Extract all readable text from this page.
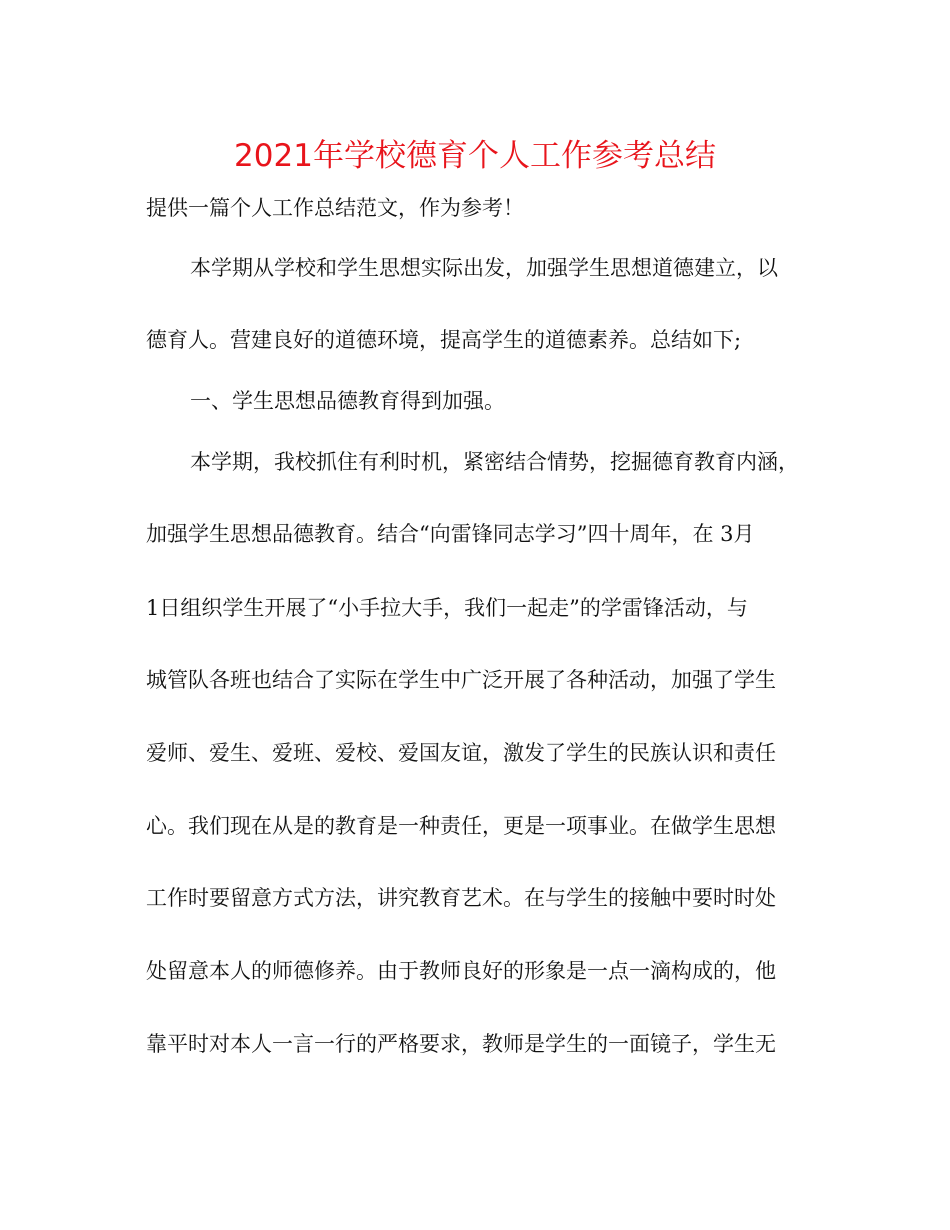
2021年学校德育个人工作参考总结
提供一篇个人工作总结范文，作为参考！
本学期从学校和学生思想实际出发，加强学生思想道德建立，以
德育人。营建良好的道德环境，提高学生的道德素养。总结如下;
一、学生思想品德教育得到加强。
本学期，我校抓住有利时机，紧密结合情势，挖掘德育教育内涵，
加强学生思想品德教育。结合“向雷锋同志学习”四十周年，在 3月
1日组织学生开展了“小手拉大手，我们一起走”的学雷锋活动，与
城管队各班也结合了实际在学生中广泛开展了各种活动，加强了学生
爱师、爱生、爱班、爱校、爱国友谊，激发了学生的民族认识和责任
心。我们现在从是的教育是一种责任，更是一项事业。在做学生思想
工作时要留意方式方法，讲究教育艺术。在与学生的接触中要时时处
处留意本人的师德修养。由于教师良好的形象是一点一滴构成的，他
靠平时对本人一言一行的严格要求，教师是学生的一面镜子，学生无
